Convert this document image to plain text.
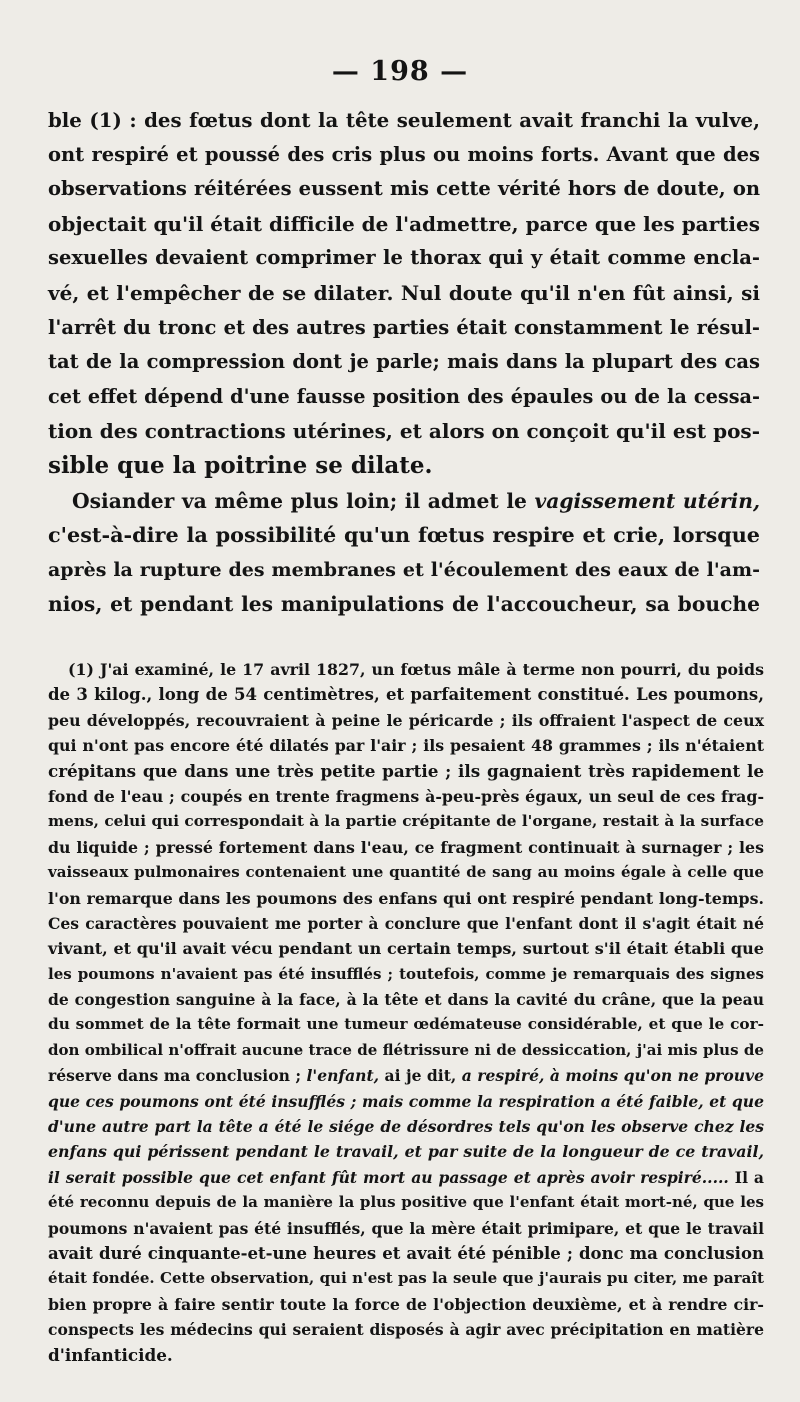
— 198 —
ble (1) : des fœtus dont la tête seulement avait franchi la vulve,
ont respiré et poussé des cris plus ou moins forts. Avant que des
observations réitérées eussent mis cette vérité hors de doute, on
objectait qu'il était difficile de l'admettre, parce que les parties
sexuelles devaient comprimer le thorax qui y était comme encla-
vé, et l'empêcher de se dilater. Nul doute qu'il n'en fût ainsi, si
l'arrêt du tronc et des autres parties était constamment le résul-
tat de la compression dont je parle; mais dans la plupart des cas
cet effet dépend d'une fausse position des épaules ou de la cessa-
tion des contractions utérines, et alors on conçoit qu'il est pos-
sible que la poitrine se dilate.
Osiander va même plus loin; il admet le vagissement utérin,
c'est-à-dire la possibilité qu'un fœtus respire et crie, lorsque
après la rupture des membranes et l'écoulement des eaux de l'am-
nios, et pendant les manipulations de l'accoucheur, sa bouche
(1) J'ai examiné, le 17 avril 1827, un fœtus mâle à terme non pourri, du poids
de 3 kilog., long de 54 centimètres, et parfaitement constitué. Les poumons,
peu développés, recouvraient à peine le péricarde ; ils offraient l'aspect de ceux
qui n'ont pas encore été dilatés par l'air ; ils pesaient 48 grammes ; ils n'étaient
crépitans que dans une très petite partie ; ils gagnaient très rapidement le
fond de l'eau ; coupés en trente fragmens à-peu-près égaux, un seul de ces frag-
mens, celui qui correspondait à la partie crépitante de l'organe, restait à la surface
du liquide ; pressé fortement dans l'eau, ce fragment continuait à surnager ; les
vaisseaux pulmonaires contenaient une quantité de sang au moins égale à celle que
l'on remarque dans les poumons des enfans qui ont respiré pendant long-temps.
Ces caractères pouvaient me porter à conclure que l'enfant dont il s'agit était né
vivant, et qu'il avait vécu pendant un certain temps, surtout s'il était établi que
les poumons n'avaient pas été insufflés ; toutefois, comme je remarquais des signes
de congestion sanguine à la face, à la tête et dans la cavité du crâne, que la peau
du sommet de la tête formait une tumeur œdémateuse considérable, et que le cor-
don ombilical n'offrait aucune trace de flétrissure ni de dessiccation, j'ai mis plus de
réserve dans ma conclusion ; l'enfant, ai je dit, a respiré, à moins qu'on ne prouve
que ces poumons ont été insufflés ; mais comme la respiration a été faible, et que
d'une autre part la tête a été le siége de désordres tels qu'on les observe chez les
enfans qui périssent pendant le travail, et par suite de la longueur de ce travail,
il serait possible que cet enfant fût mort au passage et après avoir respiré..... Il a
été reconnu depuis de la manière la plus positive que l'enfant était mort-né, que les
poumons n'avaient pas été insufflés, que la mère était primipare, et que le travail
avait duré cinquante-et-une heures et avait été pénible ; donc ma conclusion
était fondée. Cette observation, qui n'est pas la seule que j'aurais pu citer, me paraît
bien propre à faire sentir toute la force de l'objection deuxième, et à rendre cir-
conspects les médecins qui seraient disposés à agir avec précipitation en matière
d'infanticide.
